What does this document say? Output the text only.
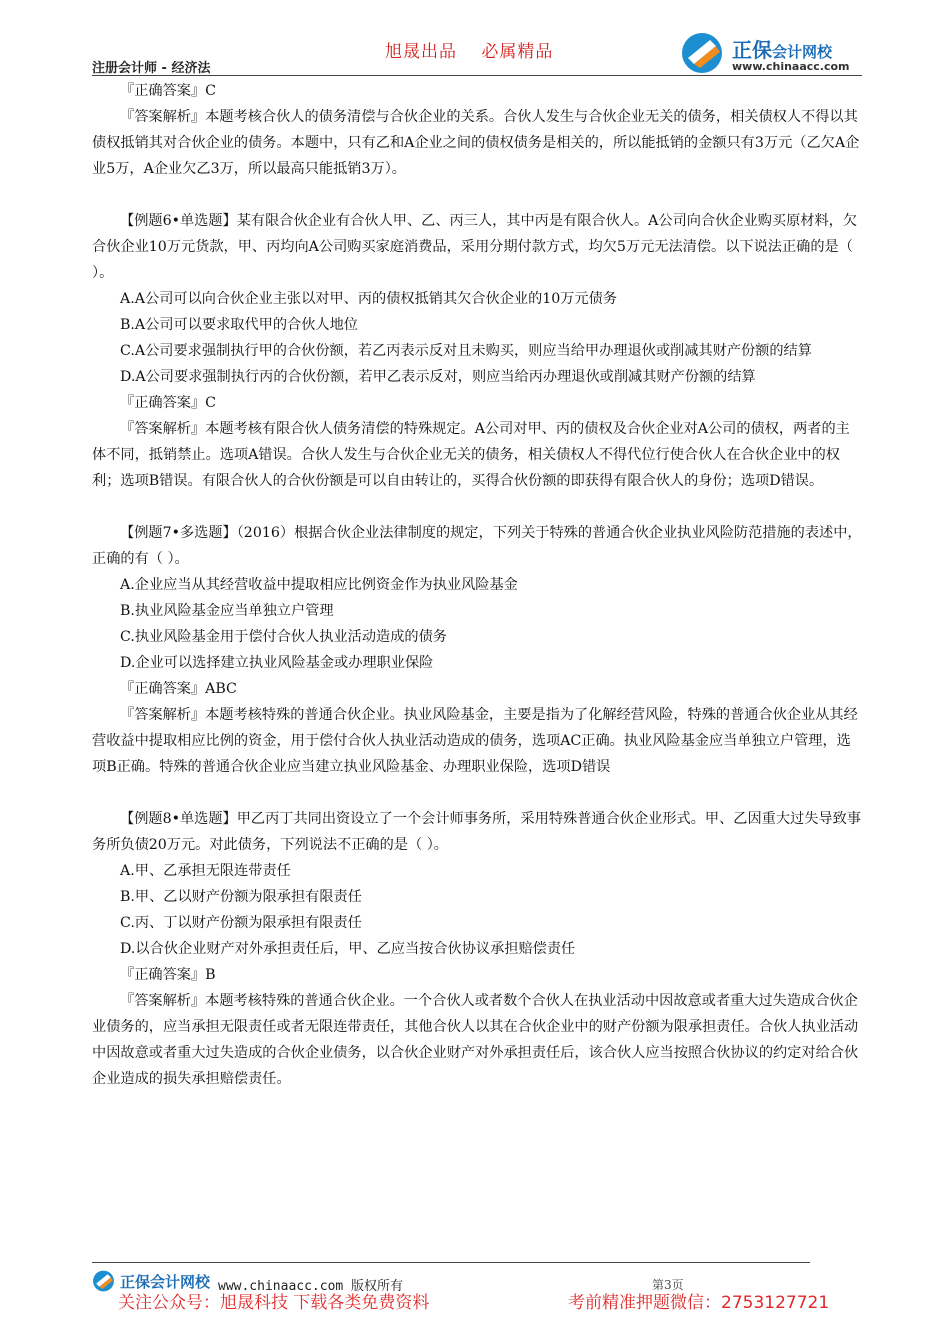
注册会计师 - 经济法
旭晟出品 必属精品	正保会计网校
www.chinaacc.com

『正确答案』C

『答案解析』本题考核合伙人的债务清偿与合伙企业的关系。合伙人发生与合伙企业无关的债务，相关债权人不得以其债权抵销其对合伙企业的债务。本题中，只有乙和A企业之间的债权债务是相关的，所以能抵销的金额只有3万元（乙欠A企业5万，A企业欠乙3万，所以最高只能抵销3万）。

【例题6•单选题】某有限合伙企业有合伙人甲、乙、丙三人，其中丙是有限合伙人。A公司向合伙企业购买原材料，欠合伙企业10万元货款，甲、丙均向A公司购买家庭消费品，采用分期付款方式，均欠5万元无法清偿。以下说法正确的是（ ）。

A.A公司可以向合伙企业主张以对甲、丙的债权抵销其欠合伙企业的10万元债务

B.A公司可以要求取代甲的合伙人地位

C.A公司要求强制执行甲的合伙份额，若乙丙表示反对且未购买，则应当给甲办理退伙或削减其财产份额的结算

D.A公司要求强制执行丙的合伙份额，若甲乙表示反对，则应当给丙办理退伙或削减其财产份额的结算

『正确答案』C

『答案解析』本题考核有限合伙人债务清偿的特殊规定。A公司对甲、丙的债权及合伙企业对A公司的债权，两者的主体不同，抵销禁止。选项A错误。合伙人发生与合伙企业无关的债务，相关债权人不得代位行使合伙人在合伙企业中的权利；选项B错误。有限合伙人的合伙份额是可以自由转让的，买得合伙份额的即获得有限合伙人的身份；选项D错误。

【例题7•多选题】（2016）根据合伙企业法律制度的规定，下列关于特殊的普通合伙企业执业风险防范措施的表述中，正确的有（ ）。

A.企业应当从其经营收益中提取相应比例资金作为执业风险基金

B.执业风险基金应当单独立户管理

C.执业风险基金用于偿付合伙人执业活动造成的债务

D.企业可以选择建立执业风险基金或办理职业保险

『正确答案』ABC

『答案解析』本题考核特殊的普通合伙企业。执业风险基金，主要是指为了化解经营风险，特殊的普通合伙企业从其经营收益中提取相应比例的资金，用于偿付合伙人执业活动造成的债务，选项AC正确。执业风险基金应当单独立户管理，选项B正确。特殊的普通合伙企业应当建立执业风险基金、办理职业保险，选项D错误

【例题8•单选题】甲乙丙丁共同出资设立了一个会计师事务所，采用特殊普通合伙企业形式。甲、乙因重大过失导致事务所负债20万元。对此债务，下列说法不正确的是（ ）。

A.甲、乙承担无限连带责任

B.甲、乙以财产份额为限承担有限责任

C.丙、丁以财产份额为限承担有限责任

D.以合伙企业财产对外承担责任后，甲、乙应当按合伙协议承担赔偿责任

『正确答案』B

『答案解析』本题考核特殊的普通合伙企业。一个合伙人或者数个合伙人在执业活动中因故意或者重大过失造成合伙企业债务的，应当承担无限责任或者无限连带责任，其他合伙人以其在合伙企业中的财产份额为限承担责任。合伙人执业活动中因故意或者重大过失造成的合伙企业债务，以合伙企业财产对外承担责任后，该合伙人应当按照合伙协议的约定对给合伙企业造成的损失承担赔偿责任。

正保会计网校 www.chinaacc.com 版权所有	第3页
关注公众号：旭晟科技 下载各类免费资料	考前精准押题微信：2753127721
